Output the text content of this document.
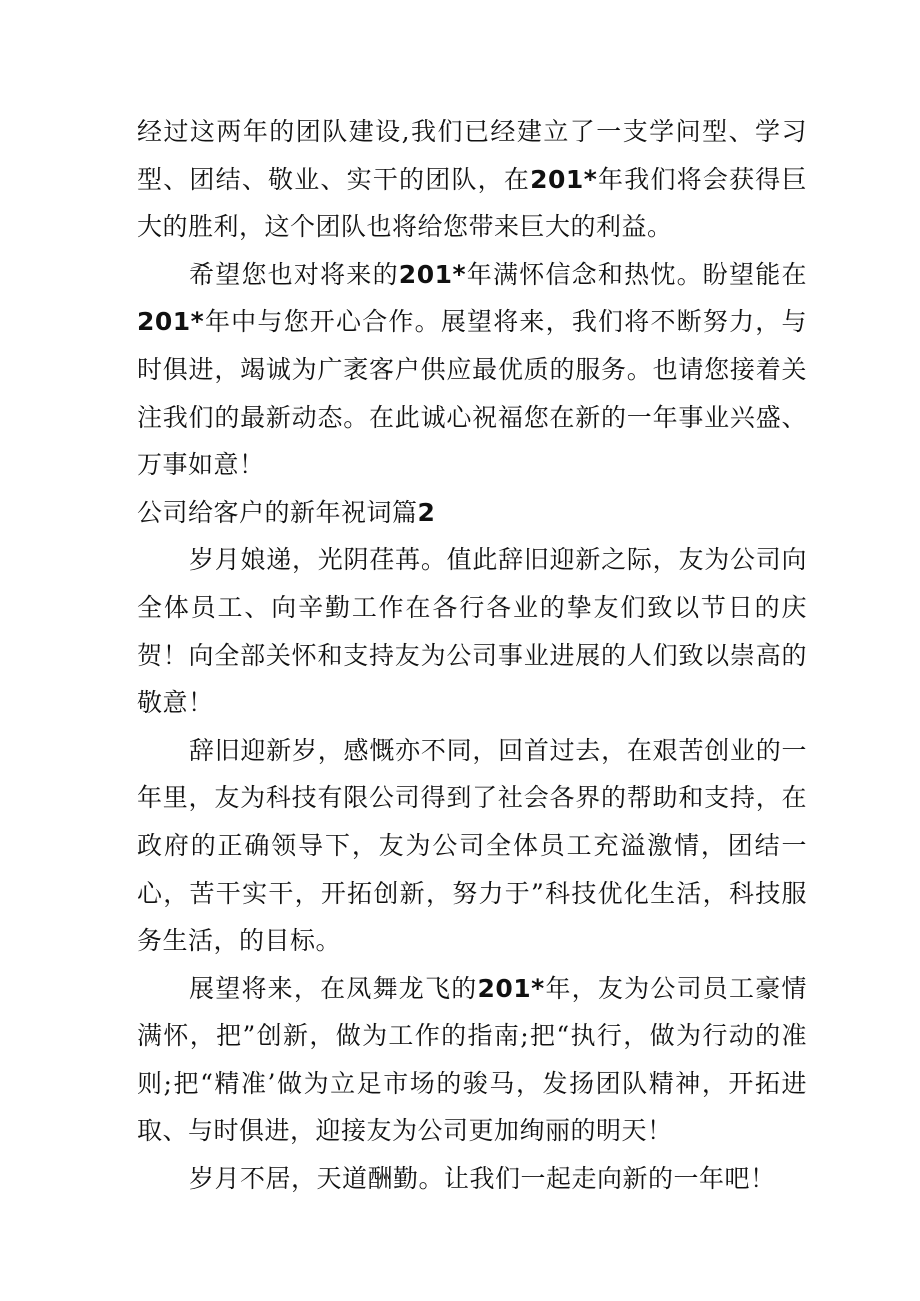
经过这两年的团队建设,我们已经建立了一支学问型、学习型、团结、敬业、实干的团队，在201*年我们将会获得巨大的胜利，这个团队也将给您带来巨大的利益。

希望您也对将来的201*年满怀信念和热忱。盼望能在201*年中与您开心合作。展望将来，我们将不断努力，与时俱进，竭诚为广袤客户供应最优质的服务。也请您接着关注我们的最新动态。在此诚心祝福您在新的一年事业兴盛、万事如意！

公司给客户的新年祝词篇2

岁月娘递，光阴荏苒。值此辞旧迎新之际，友为公司向全体员工、向辛勤工作在各行各业的挚友们致以节日的庆贺！向全部关怀和支持友为公司事业进展的人们致以崇高的敬意！

辞旧迎新岁，感慨亦不同，回首过去，在艰苦创业的一年里，友为科技有限公司得到了社会各界的帮助和支持，在政府的正确领导下，友为公司全体员工充溢激情，团结一心，苦干实干，开拓创新，努力于”科技优化生活，科技服务生活，的目标。

展望将来，在凤舞龙飞的201*年，友为公司员工豪情满怀，把”创新，做为工作的指南;把“执行，做为行动的准则;把“精准’做为立足市场的骏马，发扬团队精神，开拓进取、与时俱进，迎接友为公司更加绚丽的明天！

岁月不居，天道酬勤。让我们一起走向新的一年吧！
